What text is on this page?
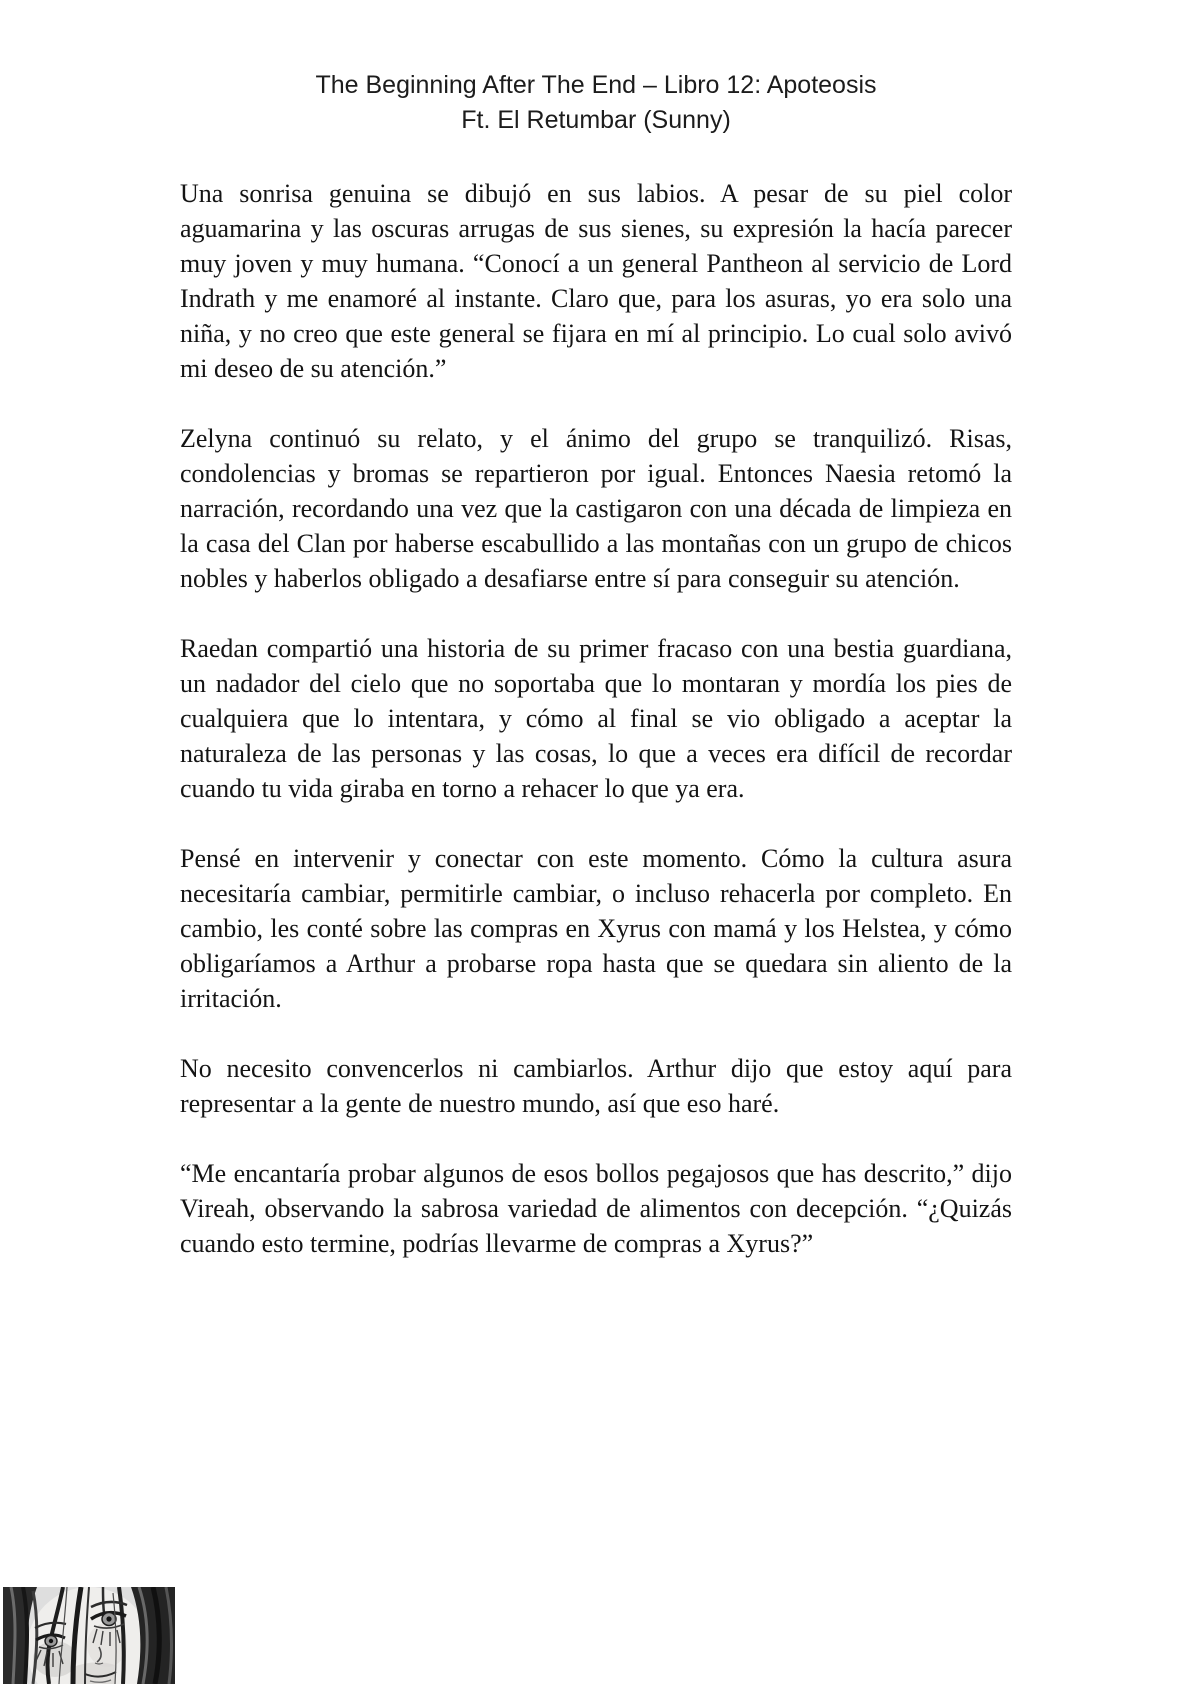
The Beginning After The End – Libro 12: Apoteosis
Ft. El Retumbar (Sunny)

Una sonrisa genuina se dibujó en sus labios. A pesar de su piel color aguamarina y las oscuras arrugas de sus sienes, su expresión la hacía parecer muy joven y muy humana. “Conocí a un general Pantheon al servicio de Lord Indrath y me enamoré al instante. Claro que, para los asuras, yo era solo una niña, y no creo que este general se fijara en mí al principio. Lo cual solo avivó mi deseo de su atención.”

Zelyna continuó su relato, y el ánimo del grupo se tranquilizó. Risas, condolencias y bromas se repartieron por igual. Entonces Naesia retomó la narración, recordando una vez que la castigaron con una década de limpieza en la casa del Clan por haberse escabullido a las montañas con un grupo de chicos nobles y haberlos obligado a desafiarse entre sí para conseguir su atención.

Raedan compartió una historia de su primer fracaso con una bestia guardiana, un nadador del cielo que no soportaba que lo montaran y mordía los pies de cualquiera que lo intentara, y cómo al final se vio obligado a aceptar la naturaleza de las personas y las cosas, lo que a veces era difícil de recordar cuando tu vida giraba en torno a rehacer lo que ya era.

Pensé en intervenir y conectar con este momento. Cómo la cultura asura necesitaría cambiar, permitirle cambiar, o incluso rehacerla por completo. En cambio, les conté sobre las compras en Xyrus con mamá y los Helstea, y cómo obligaríamos a Arthur a probarse ropa hasta que se quedara sin aliento de la irritación.

No necesito convencerlos ni cambiarlos. Arthur dijo que estoy aquí para representar a la gente de nuestro mundo, así que eso haré.

“Me encantaría probar algunos de esos bollos pegajosos que has descrito,” dijo Vireah, observando la sabrosa variedad de alimentos con decepción. “¿Quizás cuando esto termine, podrías llevarme de compras a Xyrus?”
